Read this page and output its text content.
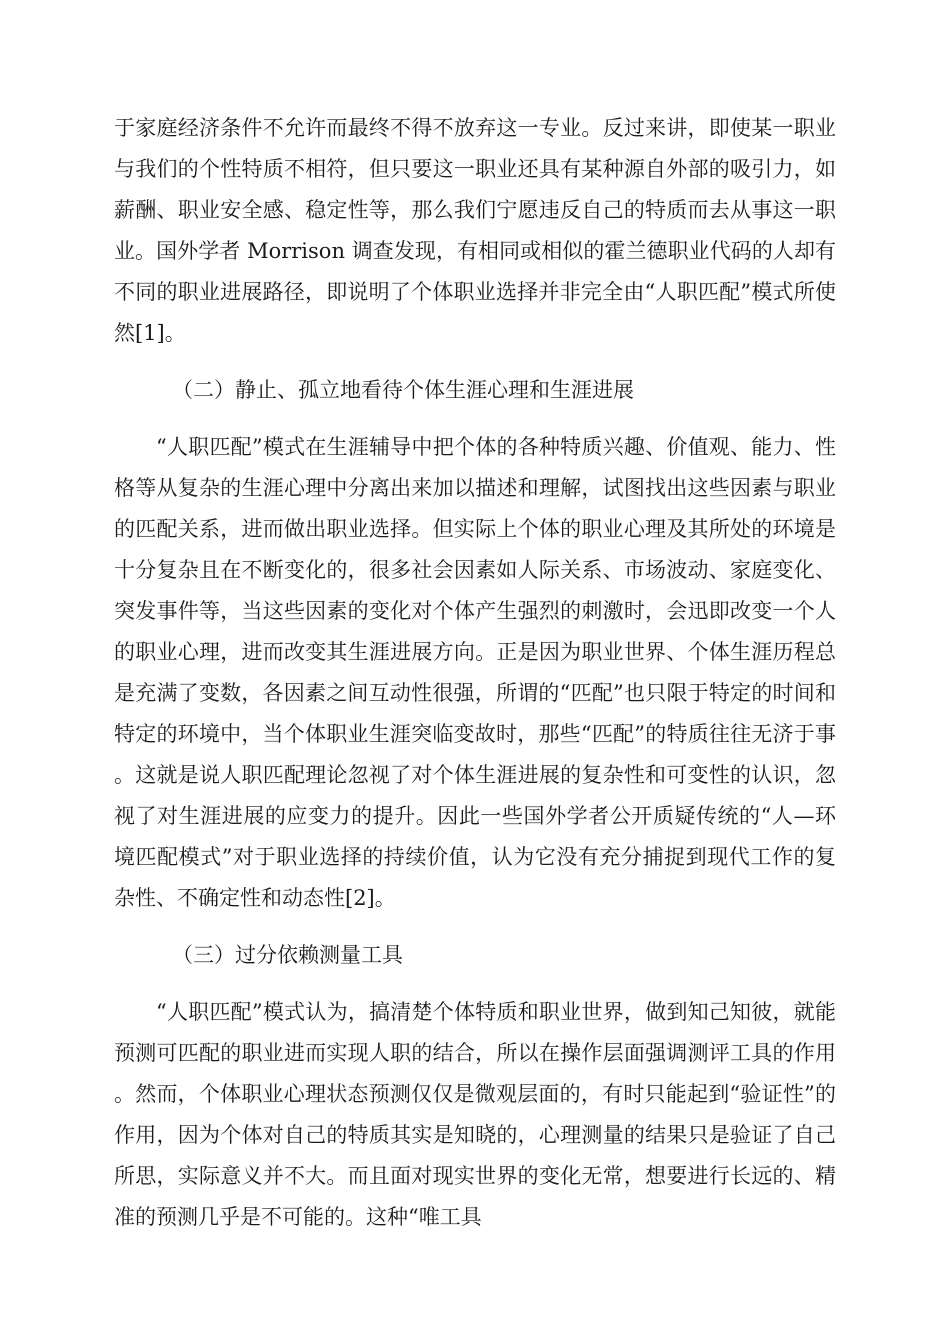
于家庭经济条件不允许而最终不得不放弃这一专业。反过来讲，即使某一职业与我们的个性特质不相符，但只要这一职业还具有某种源自外部的吸引力，如薪酬、职业安全感、稳定性等，那么我们宁愿违反自己的特质而去从事这一职业。国外学者 Morrison 调查发现，有相同或相似的霍兰德职业代码的人却有不同的职业进展路径，即说明了个体职业选择并非完全由“人职匹配”模式所使然[1]。

（二）静止、孤立地看待个体生涯心理和生涯进展

“人职匹配”模式在生涯辅导中把个体的各种特质兴趣、价值观、能力、性格等从复杂的生涯心理中分离出来加以描述和理解，试图找出这些因素与职业的匹配关系，进而做出职业选择。但实际上个体的职业心理及其所处的环境是十分复杂且在不断变化的，很多社会因素如人际关系、市场波动、家庭变化、突发事件等，当这些因素的变化对个体产生强烈的刺激时，会迅即改变一个人的职业心理，进而改变其生涯进展方向。正是因为职业世界、个体生涯历程总是充满了变数，各因素之间互动性很强，所谓的“匹配”也只限于特定的时间和特定的环境中，当个体职业生涯突临变故时，那些“匹配”的特质往往无济于事。这就是说人职匹配理论忽视了对个体生涯进展的复杂性和可变性的认识，忽视了对生涯进展的应变力的提升。因此一些国外学者公开质疑传统的“人—环境匹配模式”对于职业选择的持续价值，认为它没有充分捕捉到现代工作的复杂性、不确定性和动态性[2]。

（三）过分依赖测量工具

“人职匹配”模式认为，搞清楚个体特质和职业世界，做到知己知彼，就能预测可匹配的职业进而实现人职的结合，所以在操作层面强调测评工具的作用。然而，个体职业心理状态预测仅仅是微观层面的，有时只能起到“验证性”的作用，因为个体对自己的特质其实是知晓的，心理测量的结果只是验证了自己所思，实际意义并不大。而且面对现实世界的变化无常，想要进行长远的、精准的预测几乎是不可能的。这种“唯工具
